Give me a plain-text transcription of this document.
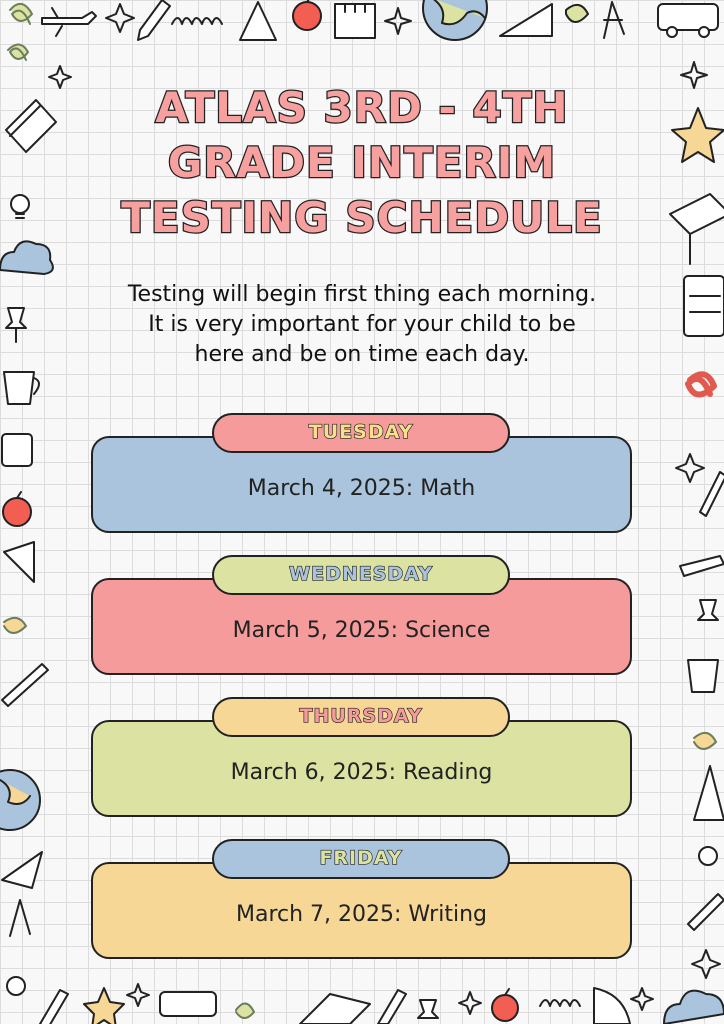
ATLAS 3RD - 4TH
GRADE INTERIM
TESTING SCHEDULE
Testing will begin first thing each morning.
It is very important for your child to be
here and be on time each day.
March 4, 2025: Math
TUESDAY
March 5, 2025: Science
WEDNESDAY
March 6, 2025: Reading
THURSDAY
March 7, 2025: Writing
FRIDAY
